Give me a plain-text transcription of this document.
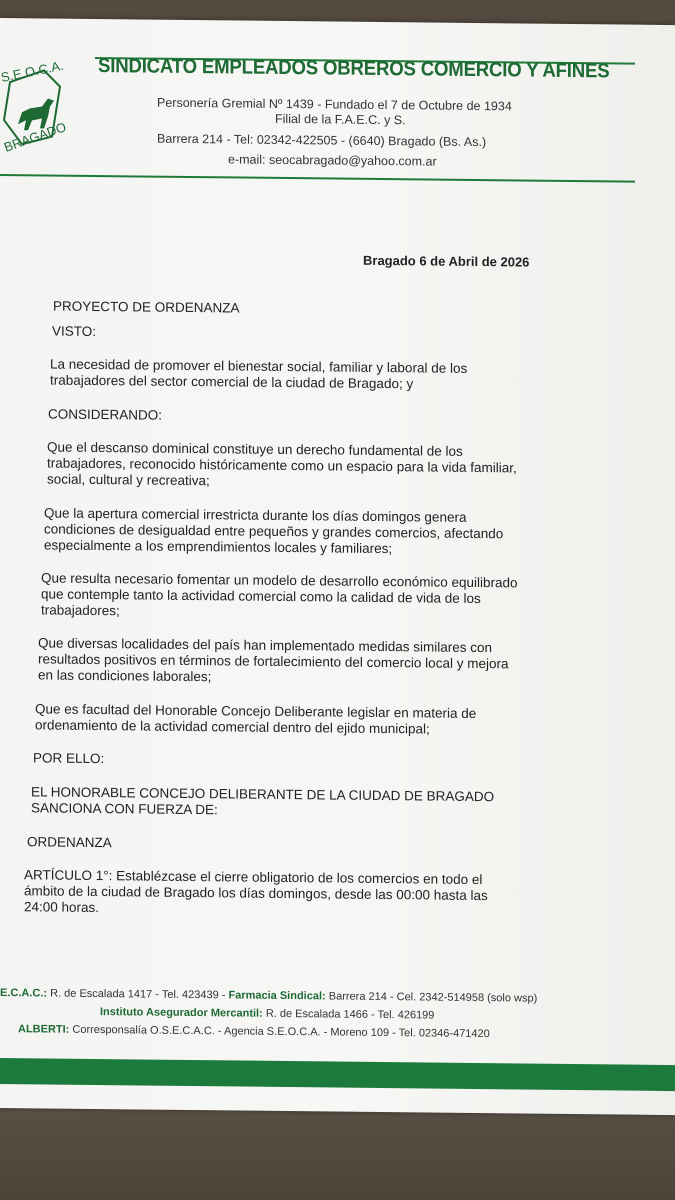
S.E.O.C.A.
BRAGADO
SINDICATO EMPLEADOS OBREROS COMERCIO Y AFINES
Personería Gremial Nº 1439 - Fundado el 7 de Octubre de 1934
Filial de la F.A.E.C. y S.
Barrera 214 - Tel: 02342-422505 - (6640) Bragado (Bs. As.)
e-mail: seocabragado@yahoo.com.ar
Bragado 6 de Abril de 2026
PROYECTO DE ORDENANZA
VISTO:
La necesidad de promover el bienestar social, familiar y laboral de los
trabajadores del sector comercial de la ciudad de Bragado; y
CONSIDERANDO:
Que el descanso dominical constituye un derecho fundamental de los
trabajadores, reconocido históricamente como un espacio para la vida familiar,
social, cultural y recreativa;
Que la apertura comercial irrestricta durante los días domingos genera
condiciones de desigualdad entre pequeños y grandes comercios, afectando
especialmente a los emprendimientos locales y familiares;
Que resulta necesario fomentar un modelo de desarrollo económico equilibrado
que contemple tanto la actividad comercial como la calidad de vida de los
trabajadores;
Que diversas localidades del país han implementado medidas similares con
resultados positivos en términos de fortalecimiento del comercio local y mejora
en las condiciones laborales;
Que es facultad del Honorable Concejo Deliberante legislar en materia de
ordenamiento de la actividad comercial dentro del ejido municipal;
POR ELLO:
EL HONORABLE CONCEJO DELIBERANTE DE LA CIUDAD DE BRAGADO
SANCIONA CON FUERZA DE:
ORDENANZA
ARTÍCULO 1°: Establézcase el cierre obligatorio de los comercios en todo el
ámbito de la ciudad de Bragado los días domingos, desde las 00:00 hasta las
24:00 horas.
E.C.A.C.: R. de Escalada 1417 - Tel. 423439 - Farmacia Sindical: Barrera 214 - Cel. 2342-514958 (solo wsp)
Instituto Asegurador Mercantil: R. de Escalada 1466 - Tel. 426199
ALBERTI: Corresponsalía O.S.E.C.A.C. - Agencia S.E.O.C.A. - Moreno 109 - Tel. 02346-471420
